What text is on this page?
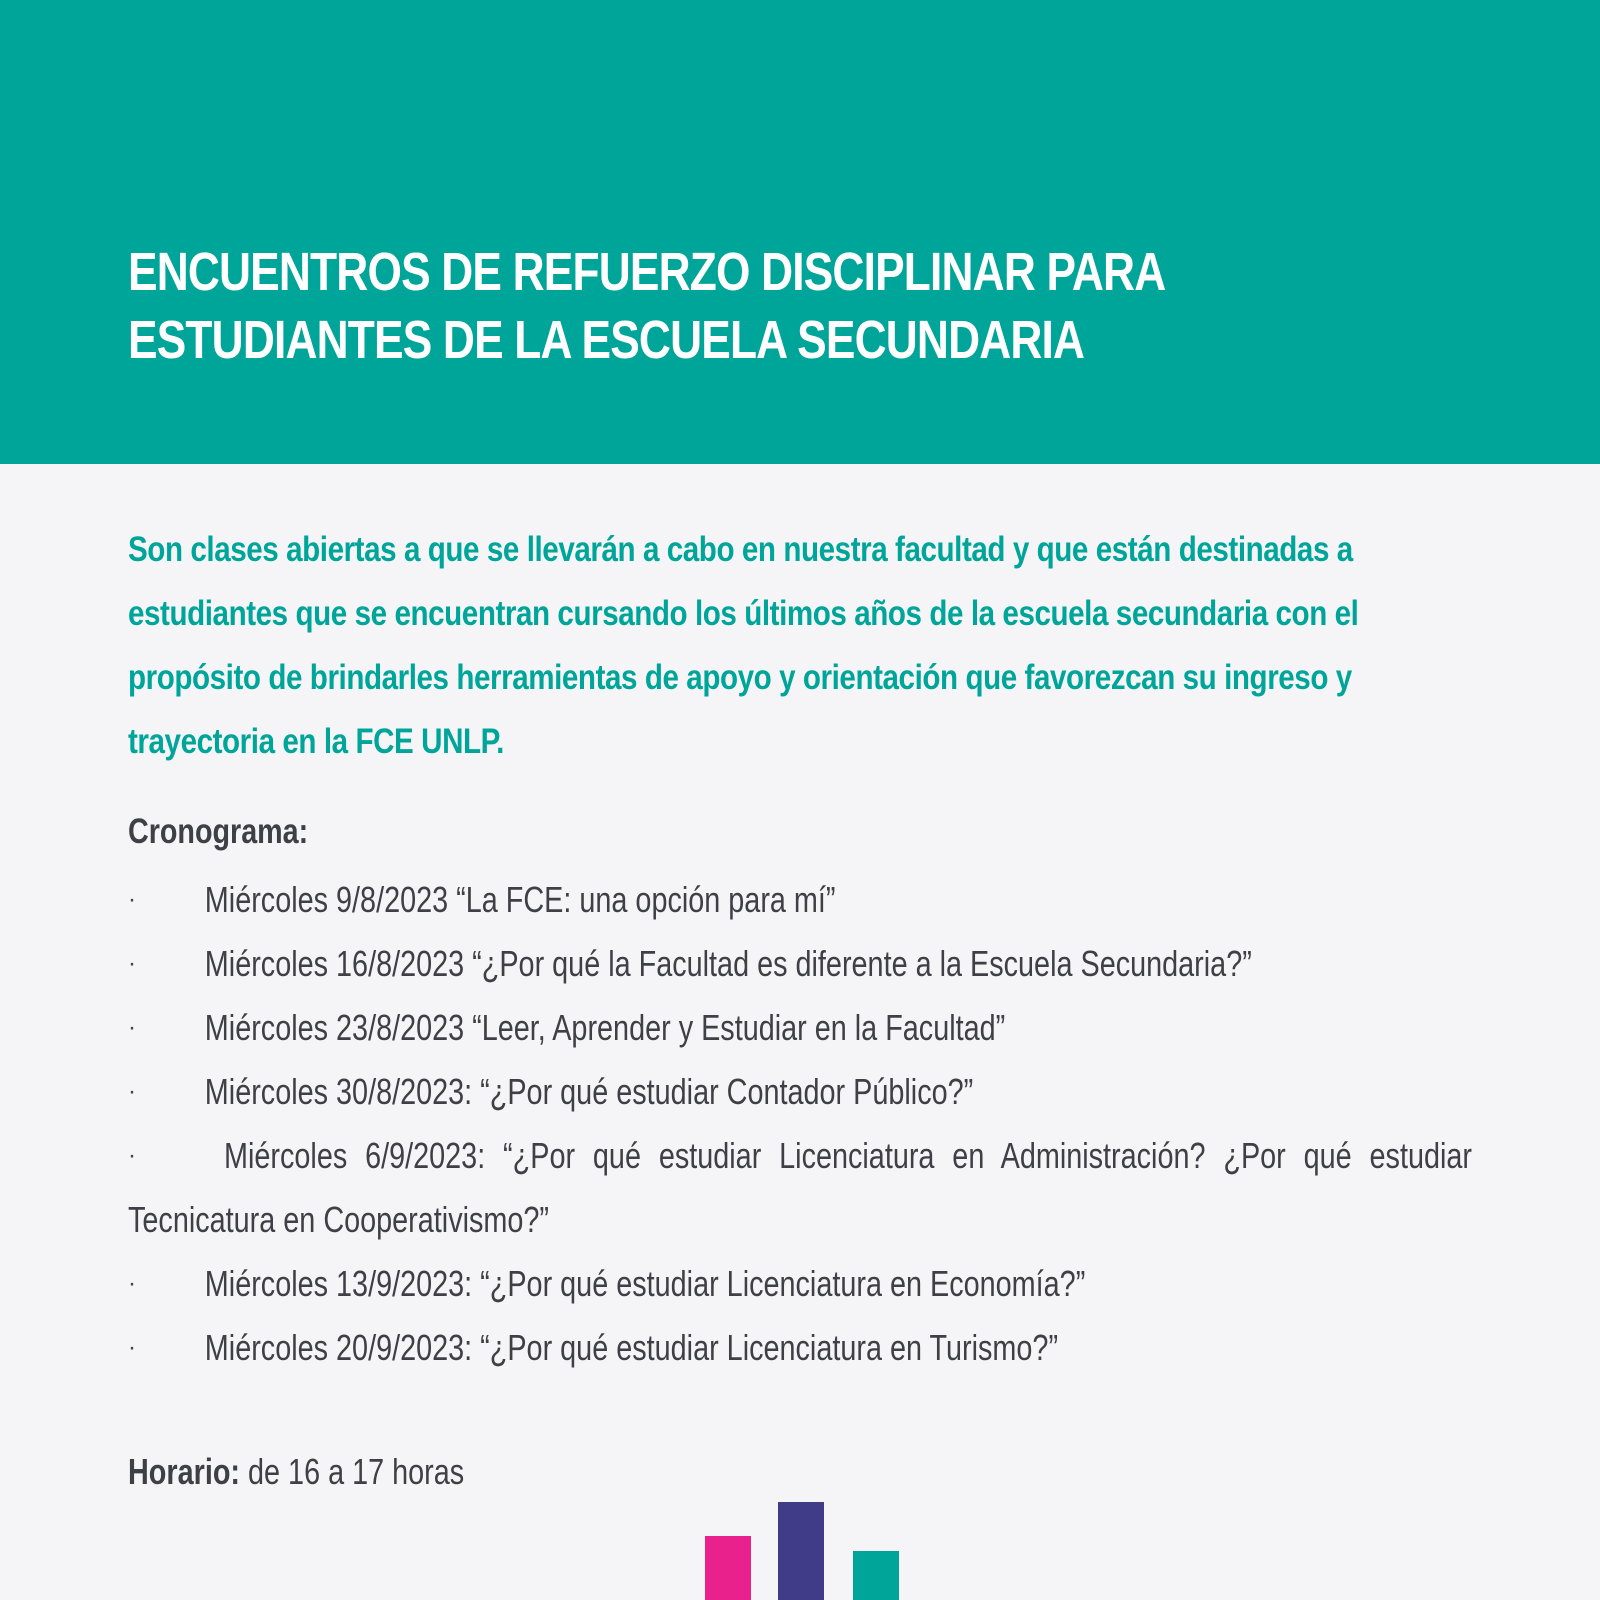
ENCUENTROS DE REFUERZO DISCIPLINAR PARA
ESTUDIANTES DE LA ESCUELA SECUNDARIA

Son clases abiertas a que se llevarán a cabo en nuestra facultad y que están destinadas a estudiantes que se encuentran cursando los últimos años de la escuela secundaria con el propósito de brindarles herramientas de apoyo y orientación que favorezcan su ingreso y trayectoria en la FCE UNLP.

Cronograma:
· Miércoles 9/8/2023 “La FCE: una opción para mí”
· Miércoles 16/8/2023 “¿Por qué la Facultad es diferente a la Escuela Secundaria?”
· Miércoles 23/8/2023 “Leer, Aprender y Estudiar en la Facultad”
· Miércoles 30/8/2023: “¿Por qué estudiar Contador Público?”
· Miércoles 6/9/2023: “¿Por qué estudiar Licenciatura en Administración? ¿Por qué estudiar Tecnicatura en Cooperativismo?”
· Miércoles 13/9/2023: “¿Por qué estudiar Licenciatura en Economía?”
· Miércoles 20/9/2023: “¿Por qué estudiar Licenciatura en Turismo?”

Horario: de 16 a 17 horas
